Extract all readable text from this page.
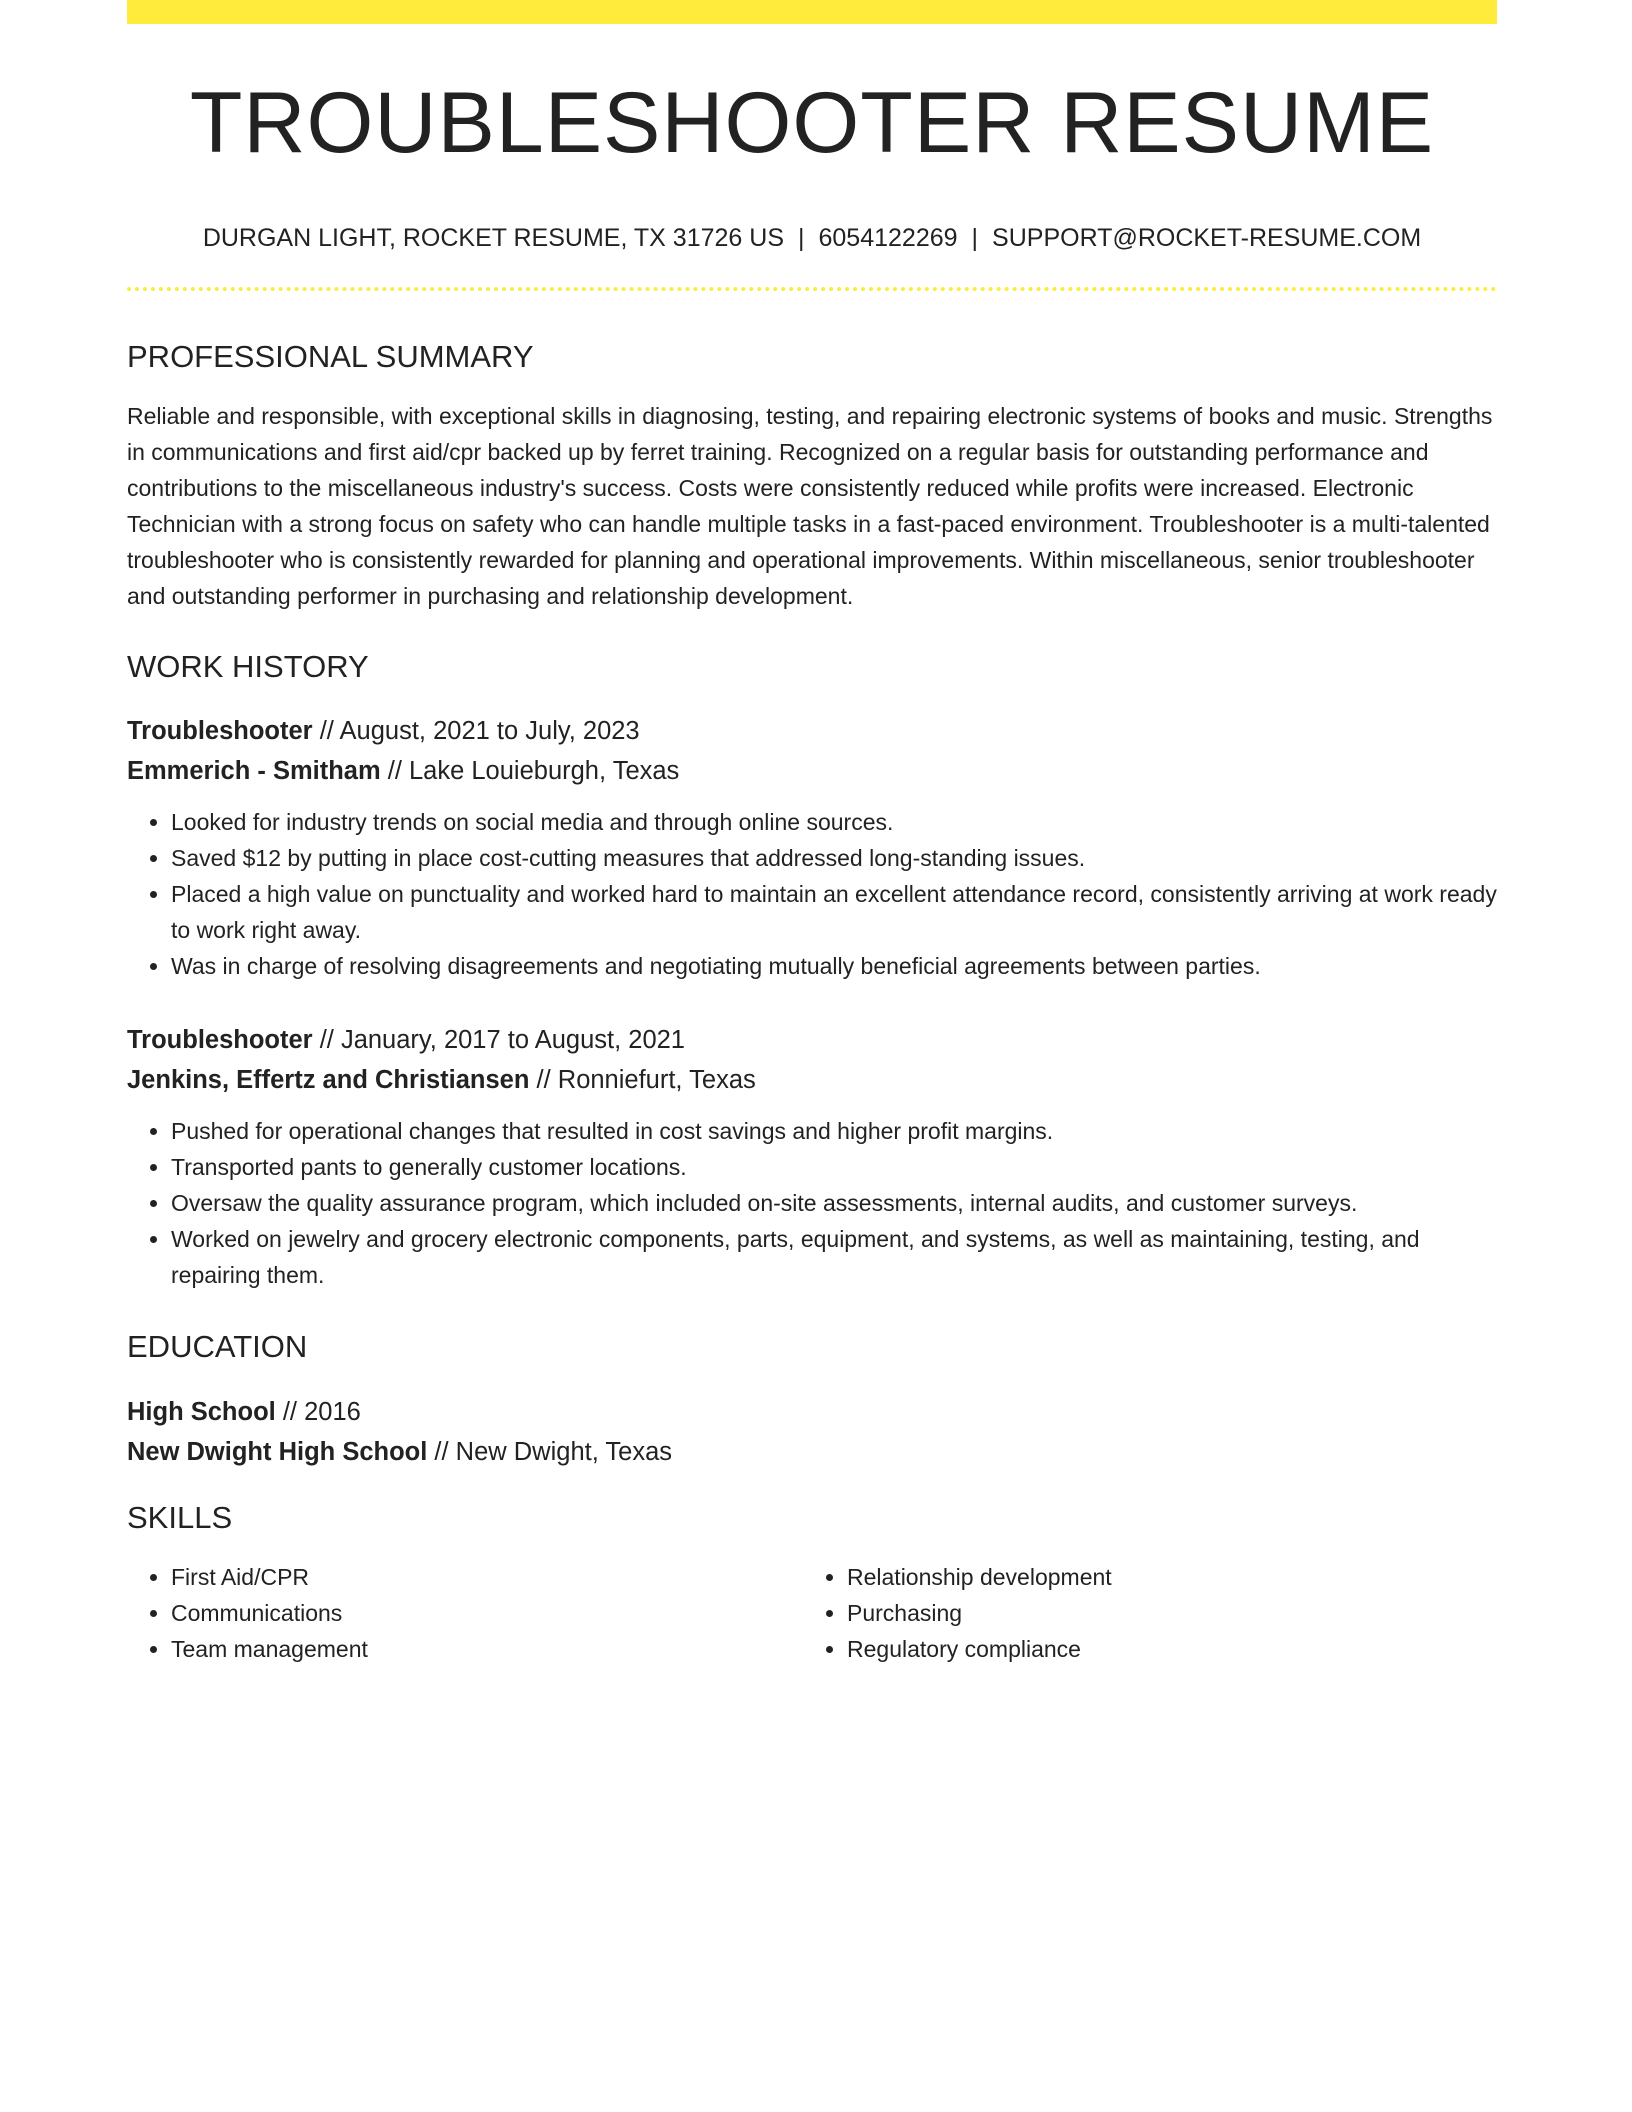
TROUBLESHOOTER RESUME
DURGAN LIGHT, ROCKET RESUME, TX 31726 US | 6054122269 | SUPPORT@ROCKET-RESUME.COM
PROFESSIONAL SUMMARY

Reliable and responsible, with exceptional skills in diagnosing, testing, and repairing electronic systems of books and music. Strengths in communications and first aid/cpr backed up by ferret training. Recognized on a regular basis for outstanding performance and contributions to the miscellaneous industry's success. Costs were consistently reduced while profits were increased. Electronic Technician with a strong focus on safety who can handle multiple tasks in a fast-paced environment. Troubleshooter is a multi-talented troubleshooter who is consistently rewarded for planning and operational improvements. Within miscellaneous, senior troubleshooter and outstanding performer in purchasing and relationship development.

WORK HISTORY
Troubleshooter // August, 2021 to July, 2023
Emmerich - Smitham // Lake Louieburgh, Texas
• Looked for industry trends on social media and through online sources.
• Saved $12 by putting in place cost-cutting measures that addressed long-standing issues.
• Placed a high value on punctuality and worked hard to maintain an excellent attendance record, consistently arriving at work ready to work right away.
• Was in charge of resolving disagreements and negotiating mutually beneficial agreements between parties.
Troubleshooter // January, 2017 to August, 2021
Jenkins, Effertz and Christiansen // Ronniefurt, Texas
• Pushed for operational changes that resulted in cost savings and higher profit margins.
• Transported pants to generally customer locations.
• Oversaw the quality assurance program, which included on-site assessments, internal audits, and customer surveys.
• Worked on jewelry and grocery electronic components, parts, equipment, and systems, as well as maintaining, testing, and repairing them.
EDUCATION
High School // 2016
New Dwight High School // New Dwight, Texas
SKILLS
• First Aid/CPR
• Communications
• Team management
• Relationship development
• Purchasing
• Regulatory compliance
